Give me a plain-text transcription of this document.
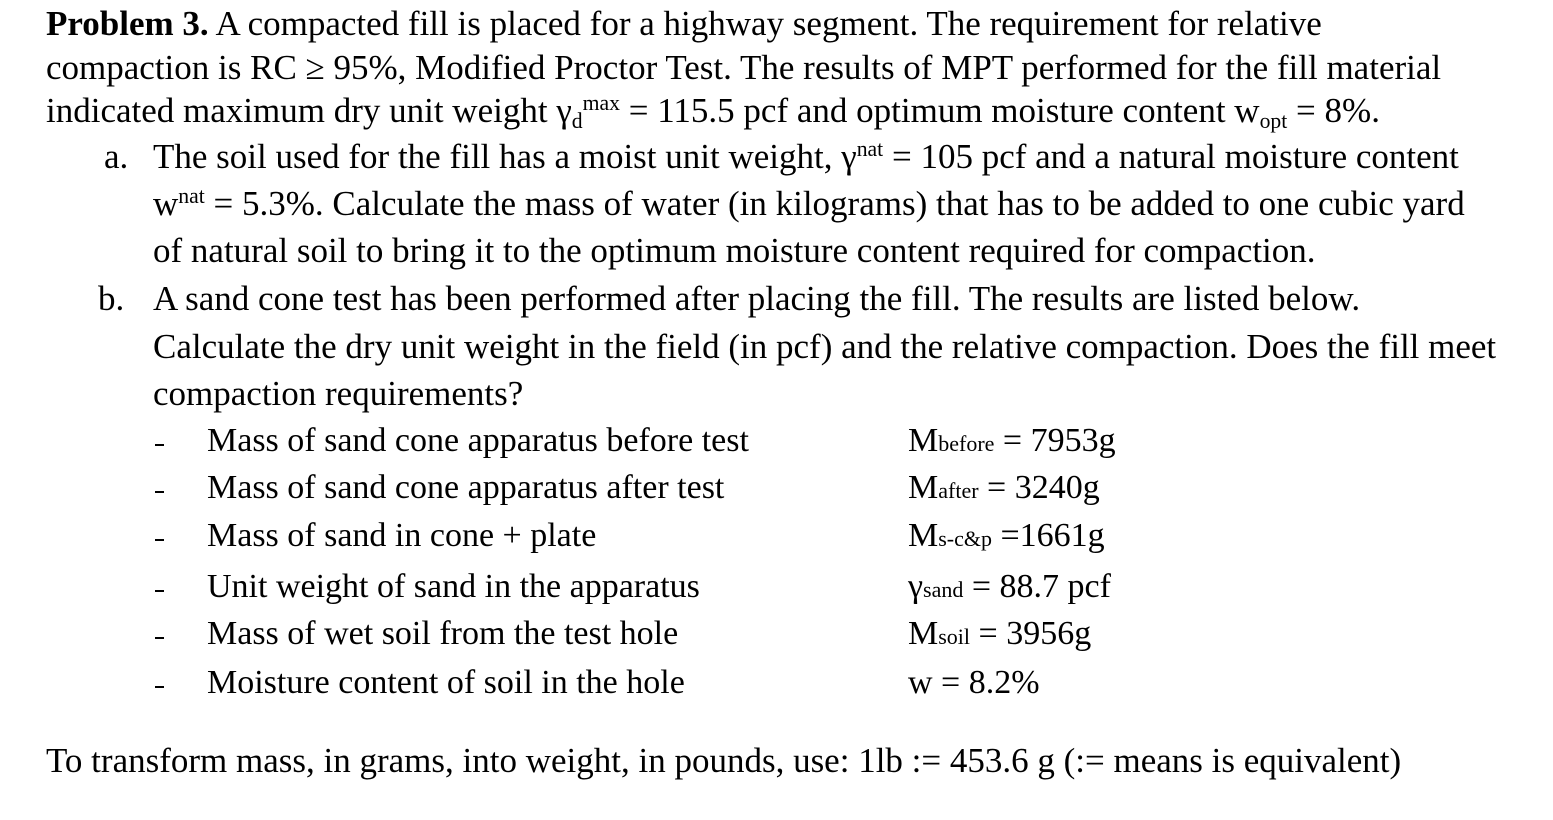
Problem 3. A compacted fill is placed for a highway segment. The requirement for relative
compaction is RC ≥ 95%, Modified Proctor Test. The results of MPT performed for the fill material
indicated maximum dry unit weight $\gamma_d^{max} = 115.5$ pcf and optimum moisture content $w_{opt} = 8\%$.
a. The soil used for the fill has a moist unit weight, $\gamma^{nat} = 105$ pcf and a natural moisture content
$w^{nat} = 5.3\%$. Calculate the mass of water (in kilograms) that has to be added to one cubic yard
of natural soil to bring it to the optimum moisture content required for compaction.
b. A sand cone test has been performed after placing the fill. The results are listed below.
Calculate the dry unit weight in the field (in pcf) and the relative compaction. Does the fill meet
compaction requirements?
Mass of sand cone apparatus before test	Mbefore = 7953g
Mass of sand cone apparatus after test	Mafter = 3240g
Mass of sand in cone + plate	Ms-c&p =1661g
Unit weight of sand in the apparatus	γsand = 88.7 pcf
Mass of wet soil from the test hole	Msoil = 3956g
Moisture content of soil in the hole	w = 8.2%
To transform mass, in grams, into weight, in pounds, use: 1lb := 453.6 g (:= means is equivalent)
